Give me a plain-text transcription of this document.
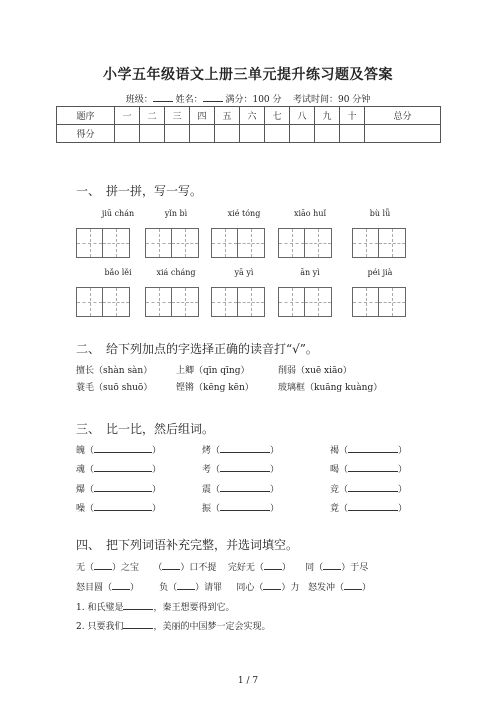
小学五年级语文上册三单元提升练习题及答案
班级：	姓名：	满分：100 分 考试时间：90 分钟
题序	一	二	三	四	五	六	七	八	九	十	总分
得分											
一、　拼一拼，写一写。
jiū chán	yǐn bì	xié tóng	xiāo huǐ	bù lǚ
bǎo lěi	xiá cháng	yā yì	ān yì	péi jià
二、　给下列加点的字选择正确的读音打“√”。
擅长（shàn sàn）	上卿（qīn qīng）	削弱（xuē xiāo）
蓑毛（suō shuō）	铿锵（kēng kēn）	玻璃框（kuāng kuàng）
三、　比一比，然后组词。
魄（	）	烤（	）	褐（	）
魂（	）	考（	）	喝（	）
爆（	）	震（	）	竞（	）
噪（	）	振（	）	竟（	）
四、　把下列词语补充完整，并选词填空。
无（ ）之宝 （ ）口不提 完好无（ ） 同（ ）于尽
怒目圆（ ） 负（ ）请罪 同心（ ）力 怒发冲（ ）
1. 和氏璧是	，秦王想要得到它。
2. 只要我们	，美丽的中国梦一定会实现。
1 / 7
